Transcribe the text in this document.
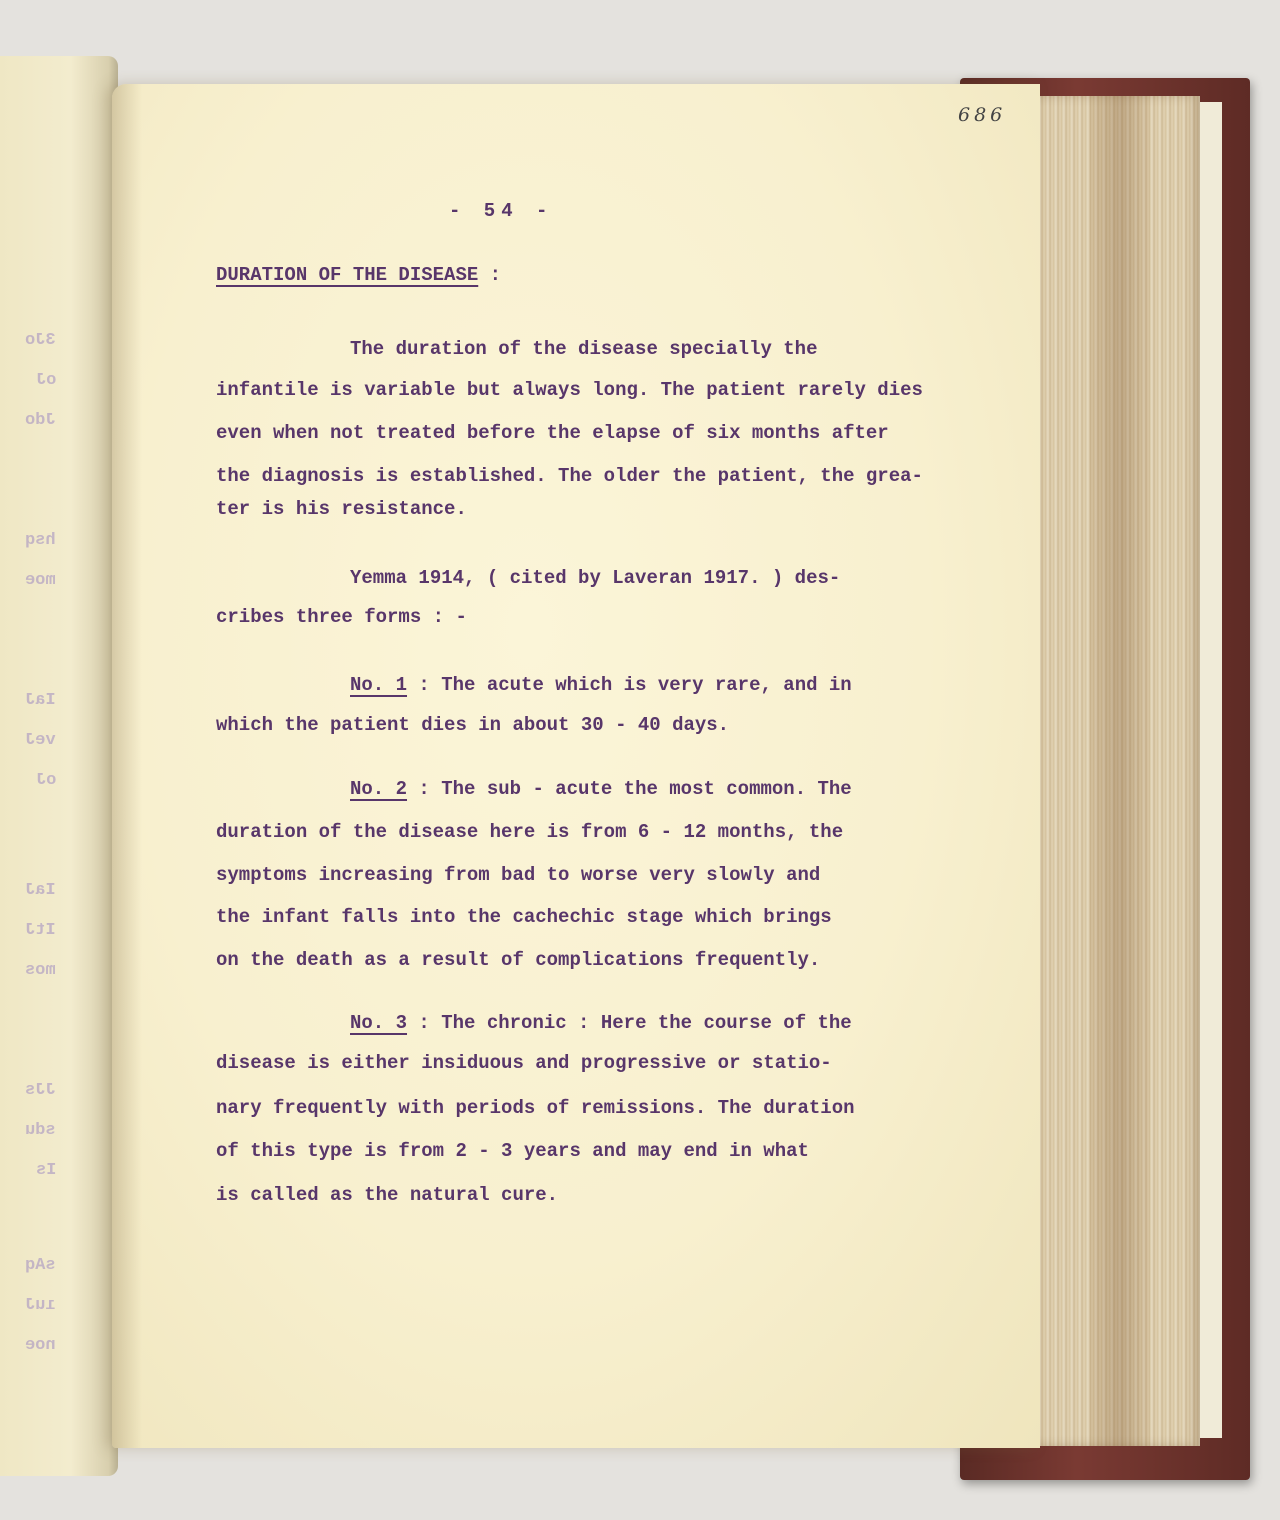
3Jo
oJ
Jdo
hsq
moe
IaJ
veJ
oJ
IaJ
ItJ
mos
JJs
sdu
Is
sAq
ıuJ
noe

686
- 54 -
DURATION OF THE DISEASE :
The duration of the disease specially the
infantile is variable but always long. The patient rarely dies
even when not treated before the elapse of six months after
the diagnosis is established. The older the patient, the grea-
ter is his resistance.
Yemma 1914, ( cited by Laveran 1917. ) des-
cribes three forms : -
No. 1 : The acute which is very rare, and in
which the patient dies in about 30 - 40 days.
No. 2 : The sub - acute the most common. The
duration of the disease here is from 6 - 12 months, the
symptoms increasing from bad to worse very slowly and
the infant falls into the cachechic stage which brings
on the death as a result of complications frequently.
No. 3 : The chronic : Here the course of the
disease is either insiduous and progressive or statio-
nary frequently with periods of remissions. The duration
of this type is from 2 - 3 years and may end in what
is called as the natural cure.
